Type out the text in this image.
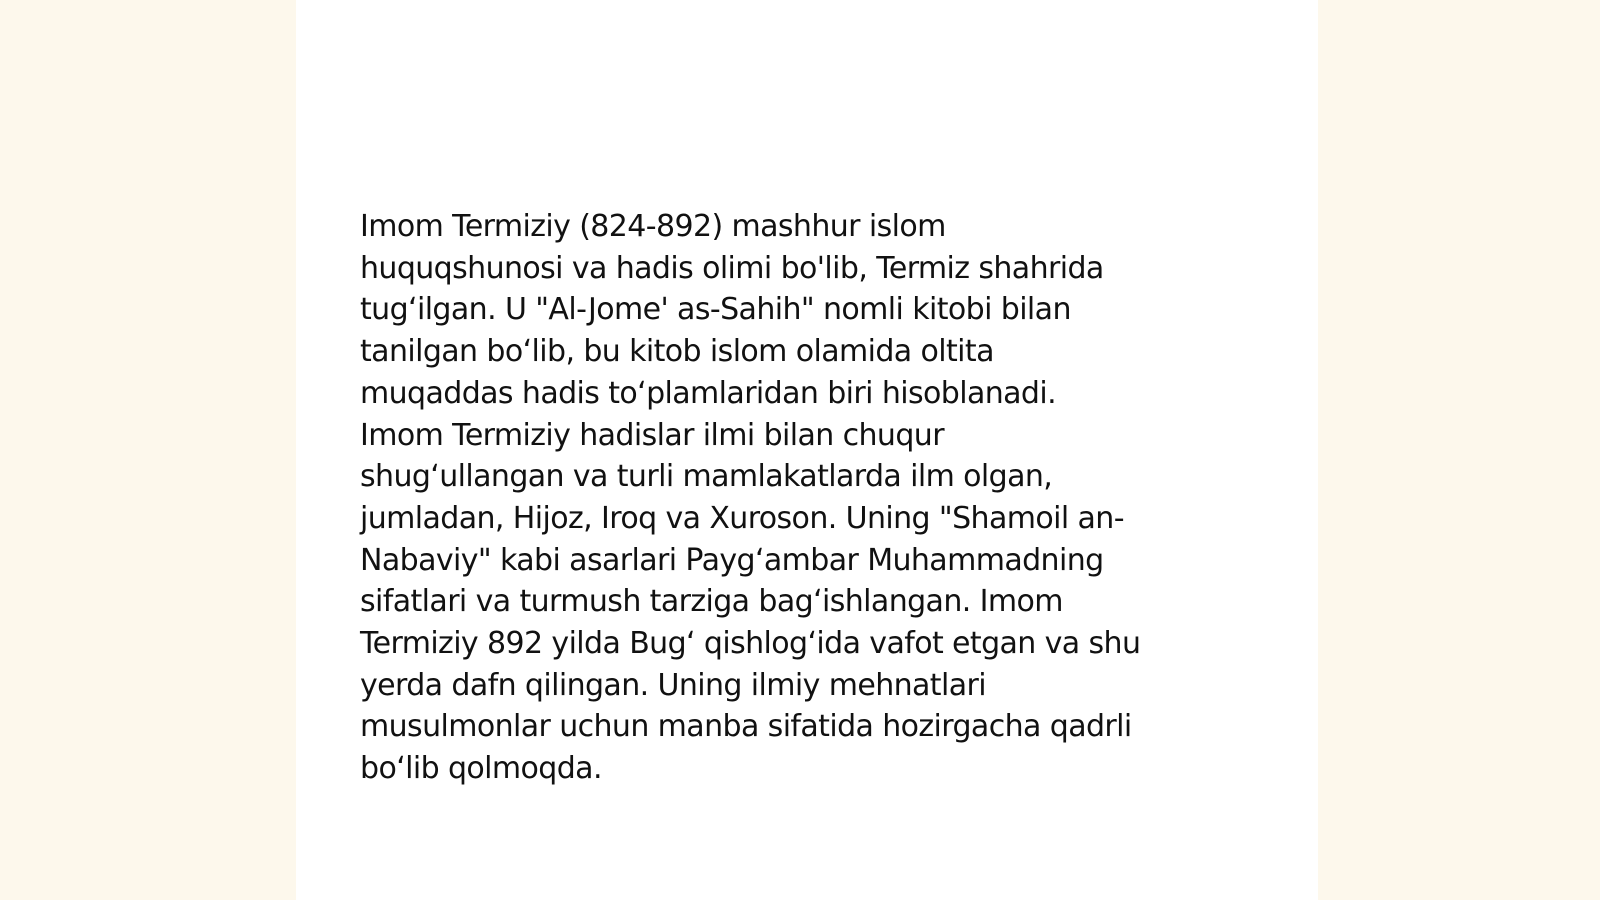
Imom Termiziy (824-892) mashhur islom
huquqshunosi va hadis olimi bo'lib, Termiz shahrida
tug‘ilgan. U "Al-Jome' as-Sahih" nomli kitobi bilan
tanilgan bo‘lib, bu kitob islom olamida oltita
muqaddas hadis to‘plamlaridan biri hisoblanadi.
Imom Termiziy hadislar ilmi bilan chuqur
shug‘ullangan va turli mamlakatlarda ilm olgan,
jumladan, Hijoz, Iroq va Xuroson. Uning "Shamoil an-
Nabaviy" kabi asarlari Payg‘ambar Muhammadning
sifatlari va turmush tarziga bag‘ishlangan. Imom
Termiziy 892 yilda Bug‘ qishlog‘ida vafot etgan va shu
yerda dafn qilingan. Uning ilmiy mehnatlari
musulmonlar uchun manba sifatida hozirgacha qadrli
bo‘lib qolmoqda.
